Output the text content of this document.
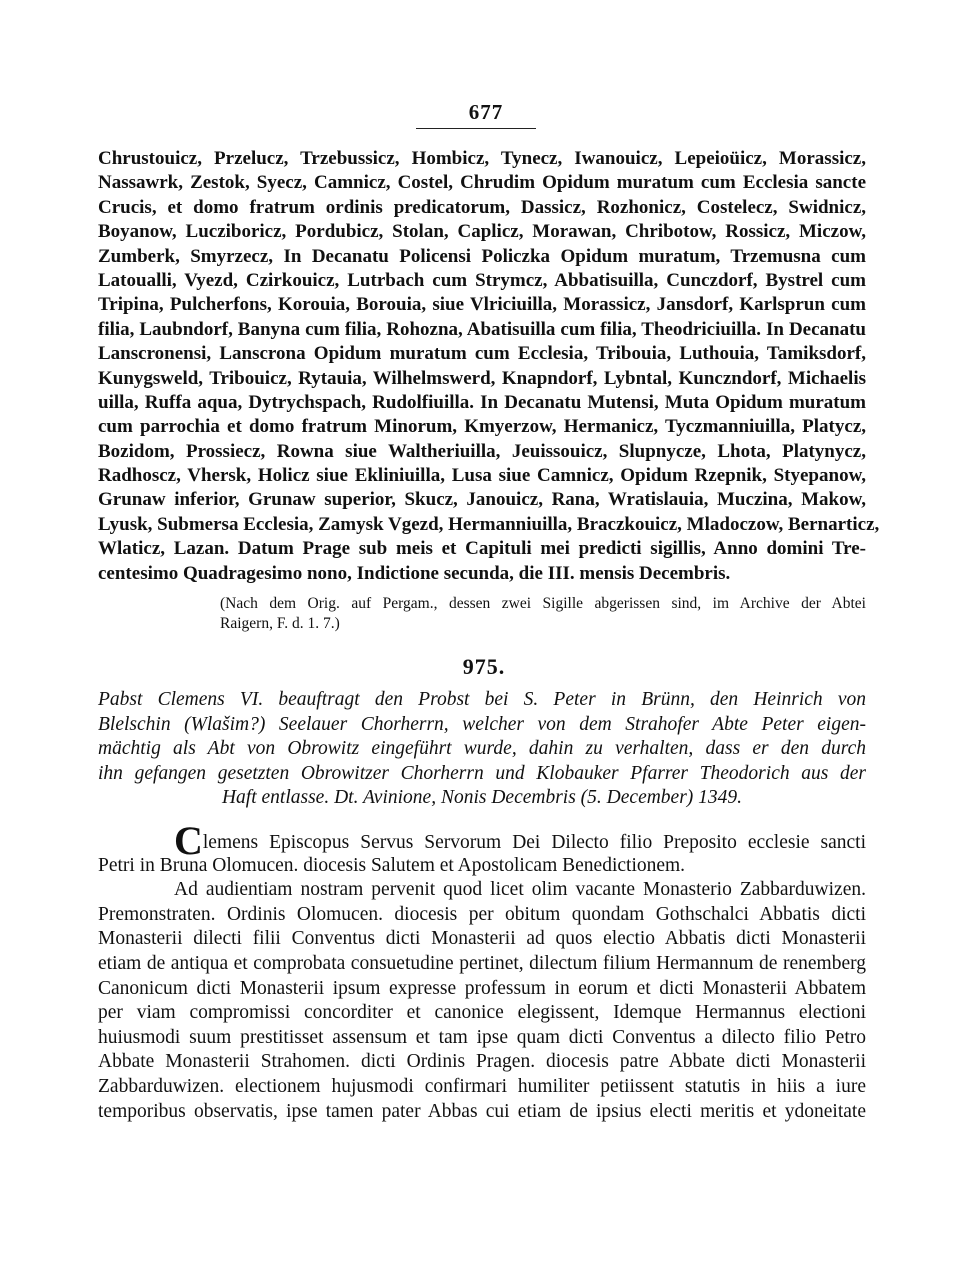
677
Chrustouicz, Przelucz, Trzebussicz, Hombicz, Tynecz, Iwanouicz, Lepeioüicz, Morassicz,
Nassawrk, Zestok, Syecz, Camnicz, Costel, Chrudim Opidum muratum cum Ecclesia sancte
Crucis, et domo fratrum ordinis predicatorum, Dassicz, Rozhonicz, Costelecz, Swidnicz,
Boyanow, Lucziboricz, Pordubicz, Stolan, Caplicz, Morawan, Chribotow, Rossicz, Miczow,
Zumberk, Smyrzecz, In Decanatu Policensi Policzka Opidum muratum, Trzemusna cum
Latoualli, Vyezd, Czirkouicz, Lutrbach cum Strymcz, Abbatisuilla, Cunczdorf, Bystrel cum
Tripina, Pulcherfons, Korouia, Borouia, siue Vlriciuilla, Morassicz, Jansdorf, Karlsprun cum
filia, Laubndorf, Banyna cum filia, Rohozna, Abatisuilla cum filia, Theodriciuilla. In Decanatu
Lanscronensi, Lanscrona Opidum muratum cum Ecclesia, Tribouia, Luthouia, Tamiksdorf,
Kunygsweld, Tribouicz, Rytauia, Wilhelmswerd, Knapndorf, Lybntal, Kunczndorf, Michaelis
uilla, Ruffa aqua, Dytrychspach, Rudolfiuilla. In Decanatu Mutensi, Muta Opidum muratum
cum parrochia et domo fratrum Minorum, Kmyerzow, Hermanicz, Tyczmanniuilla, Platycz,
Bozidom, Prossiecz, Rowna siue Waltheriuilla, Jeuissouicz, Slupnycze, Lhota, Platynycz,
Radhoscz, Vhersk, Holicz siue Ekliniuilla, Lusa siue Camnicz, Opidum Rzepnik, Styepanow,
Grunaw inferior, Grunaw superior, Skucz, Janouicz, Rana, Wratislauia, Muczina, Makow,
Lyusk, Submersa Ecclesia, Zamysk Vgezd, Hermanniuilla, Braczkouicz, Mladoczow, Bernarticz,
Wlaticz, Lazan. Datum Prage sub meis et Capituli mei predicti sigillis, Anno domini Tre-
centesimo Quadragesimo nono, Indictione secunda, die III. mensis Decembris.
(Nach dem Orig. auf Pergam., dessen zwei Sigille abgerissen sind, im Archive der Abtei
Raigern, F. d. 1. 7.)
975.
Pabst Clemens VI. beauftragt den Probst bei S. Peter in Brünn, den Heinrich von
Blelschin (Wlašim?) Seelauer Chorherrn, welcher von dem Strahofer Abte Peter eigen-
mächtig als Abt von Obrowitz eingeführt wurde, dahin zu verhalten, dass er den durch
ihn gefangen gesetzten Obrowitzer Chorherrn und Klobauker Pfarrer Theodorich aus der
Haft entlasse. Dt. Avinione, Nonis Decembris (5. December) 1349.
Clemens Episcopus Servus Servorum Dei Dilecto filio Preposito ecclesie sancti
Petri in Bruna Olomucen. diocesis Salutem et Apostolicam Benedictionem.
Ad audientiam nostram pervenit quod licet olim vacante Monasterio Zabbarduwizen.
Premonstraten. Ordinis Olomucen. diocesis per obitum quondam Gothschalci Abbatis dicti
Monasterii dilecti filii Conventus dicti Monasterii ad quos electio Abbatis dicti Monasterii
etiam de antiqua et comprobata consuetudine pertinet, dilectum filium Hermannum de renemberg
Canonicum dicti Monasterii ipsum expresse professum in eorum et dicti Monasterii Abbatem
per viam compromissi concorditer et canonice elegissent, Idemque Hermannus electioni
huiusmodi suum prestitisset assensum et tam ipse quam dicti Conventus a dilecto filio Petro
Abbate Monasterii Strahomen. dicti Ordinis Pragen. diocesis patre Abbate dicti Monasterii
Zabbarduwizen. electionem hujusmodi confirmari humiliter petiissent statutis in hiis a iure
temporibus observatis, ipse tamen pater Abbas cui etiam de ipsius electi meritis et ydoneitate
